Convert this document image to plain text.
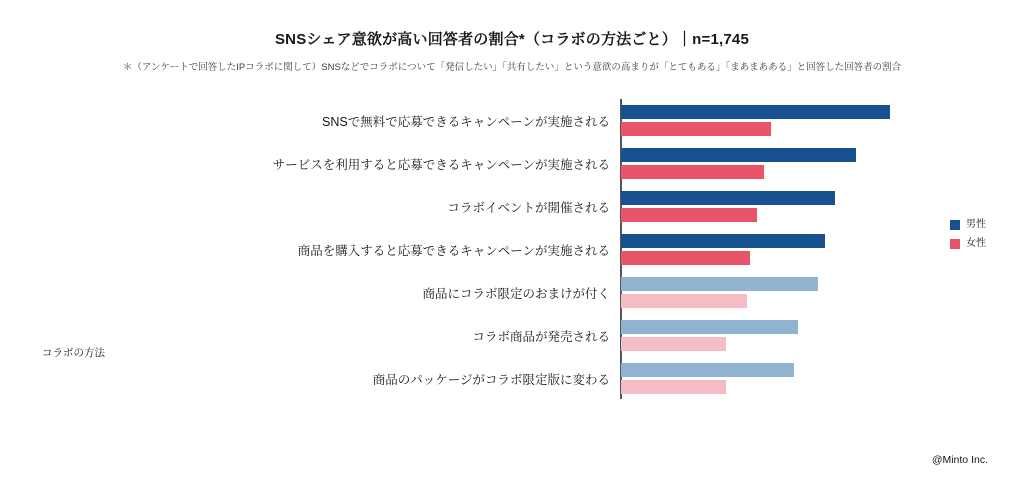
SNSシェア意欲が高い回答者の割合*（コラボの方法ごと）｜n=1,745
＊（アンケートで回答したIPコラボに関して）SNSなどでコラボについて「発信したい」「共有したい」という意欲の高まりが「とてもある」「まあまあある」と回答した回答者の割合
コラボの方法
SNSで無料で応募できるキャンペーンが実施される
サービスを利用すると応募できるキャンペーンが実施される
コラボイベントが開催される
商品を購入すると応募できるキャンペーンが実施される
商品にコラボ限定のおまけが付く
コラボ商品が発売される
商品のパッケージがコラボ限定版に変わる
男性
女性
@Minto Inc.
